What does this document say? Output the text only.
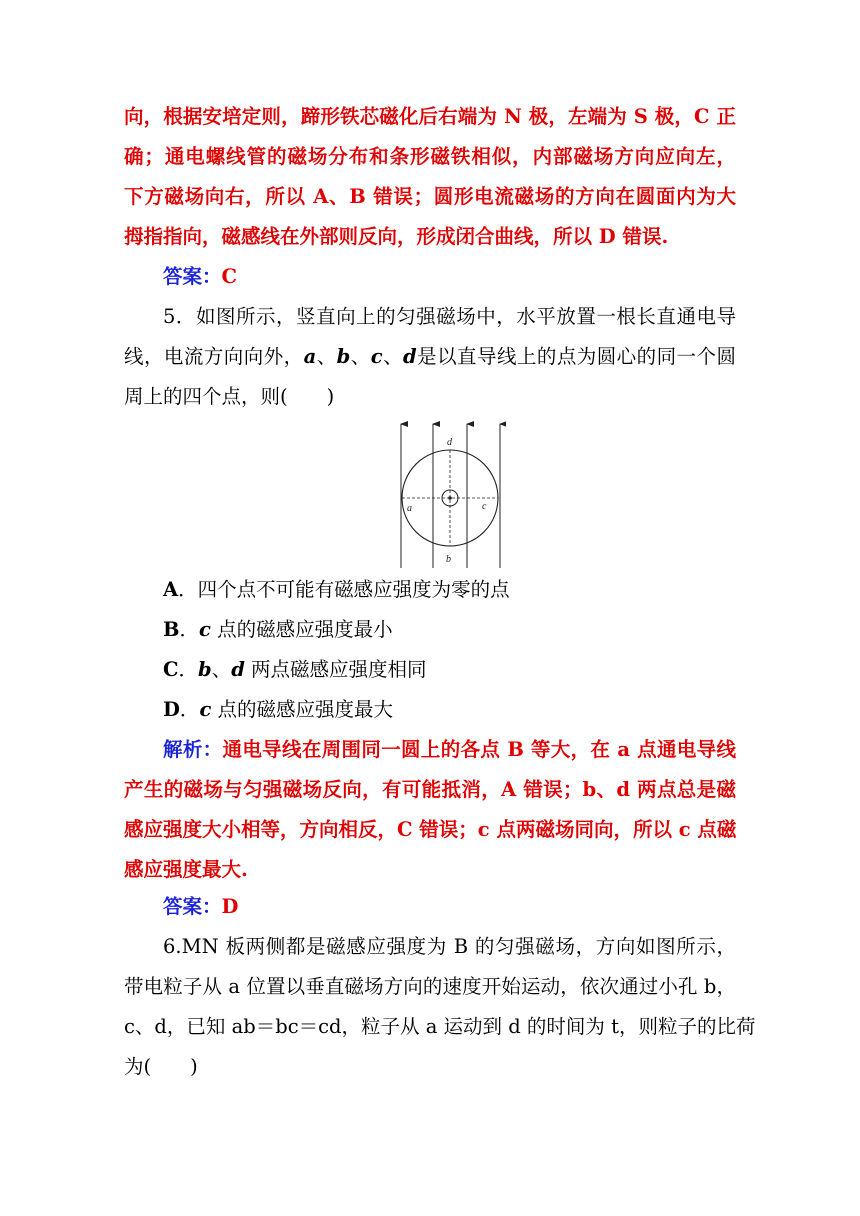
向，根据安培定则，蹄形铁芯磁化后右端为 N 极，左端为 S 极，C 正
确；通电螺线管的磁场分布和条形磁铁相似，内部磁场方向应向左，
下方磁场向右，所以 A、B 错误；圆形电流磁场的方向在圆面内为大
拇指指向，磁感线在外部则反向，形成闭合曲线，所以 D 错误.
答案：C
5．如图所示，竖直向上的匀强磁场中，水平放置一根长直通电导
线，电流方向向外，a、b、c、d是以直导线上的点为圆心的同一个圆
周上的四个点，则(　　)
d
b
a	c
A．四个点不可能有磁感应强度为零的点
B．c 点的磁感应强度最小
C．b、d 两点磁感应强度相同
D．c 点的磁感应强度最大
解析：通电导线在周围同一圆上的各点 B 等大，在 a 点通电导线
产生的磁场与匀强磁场反向，有可能抵消，A 错误；b、d 两点总是磁
感应强度大小相等，方向相反，C 错误；c 点两磁场同向，所以 c 点磁
感应强度最大.
答案：D
6.MN 板两侧都是磁感应强度为 B 的匀强磁场，方向如图所示，
带电粒子从 a 位置以垂直磁场方向的速度开始运动，依次通过小孔 b，
c、d，已知 ab＝bc＝cd，粒子从 a 运动到 d 的时间为 t，则粒子的比荷
为(　　)
